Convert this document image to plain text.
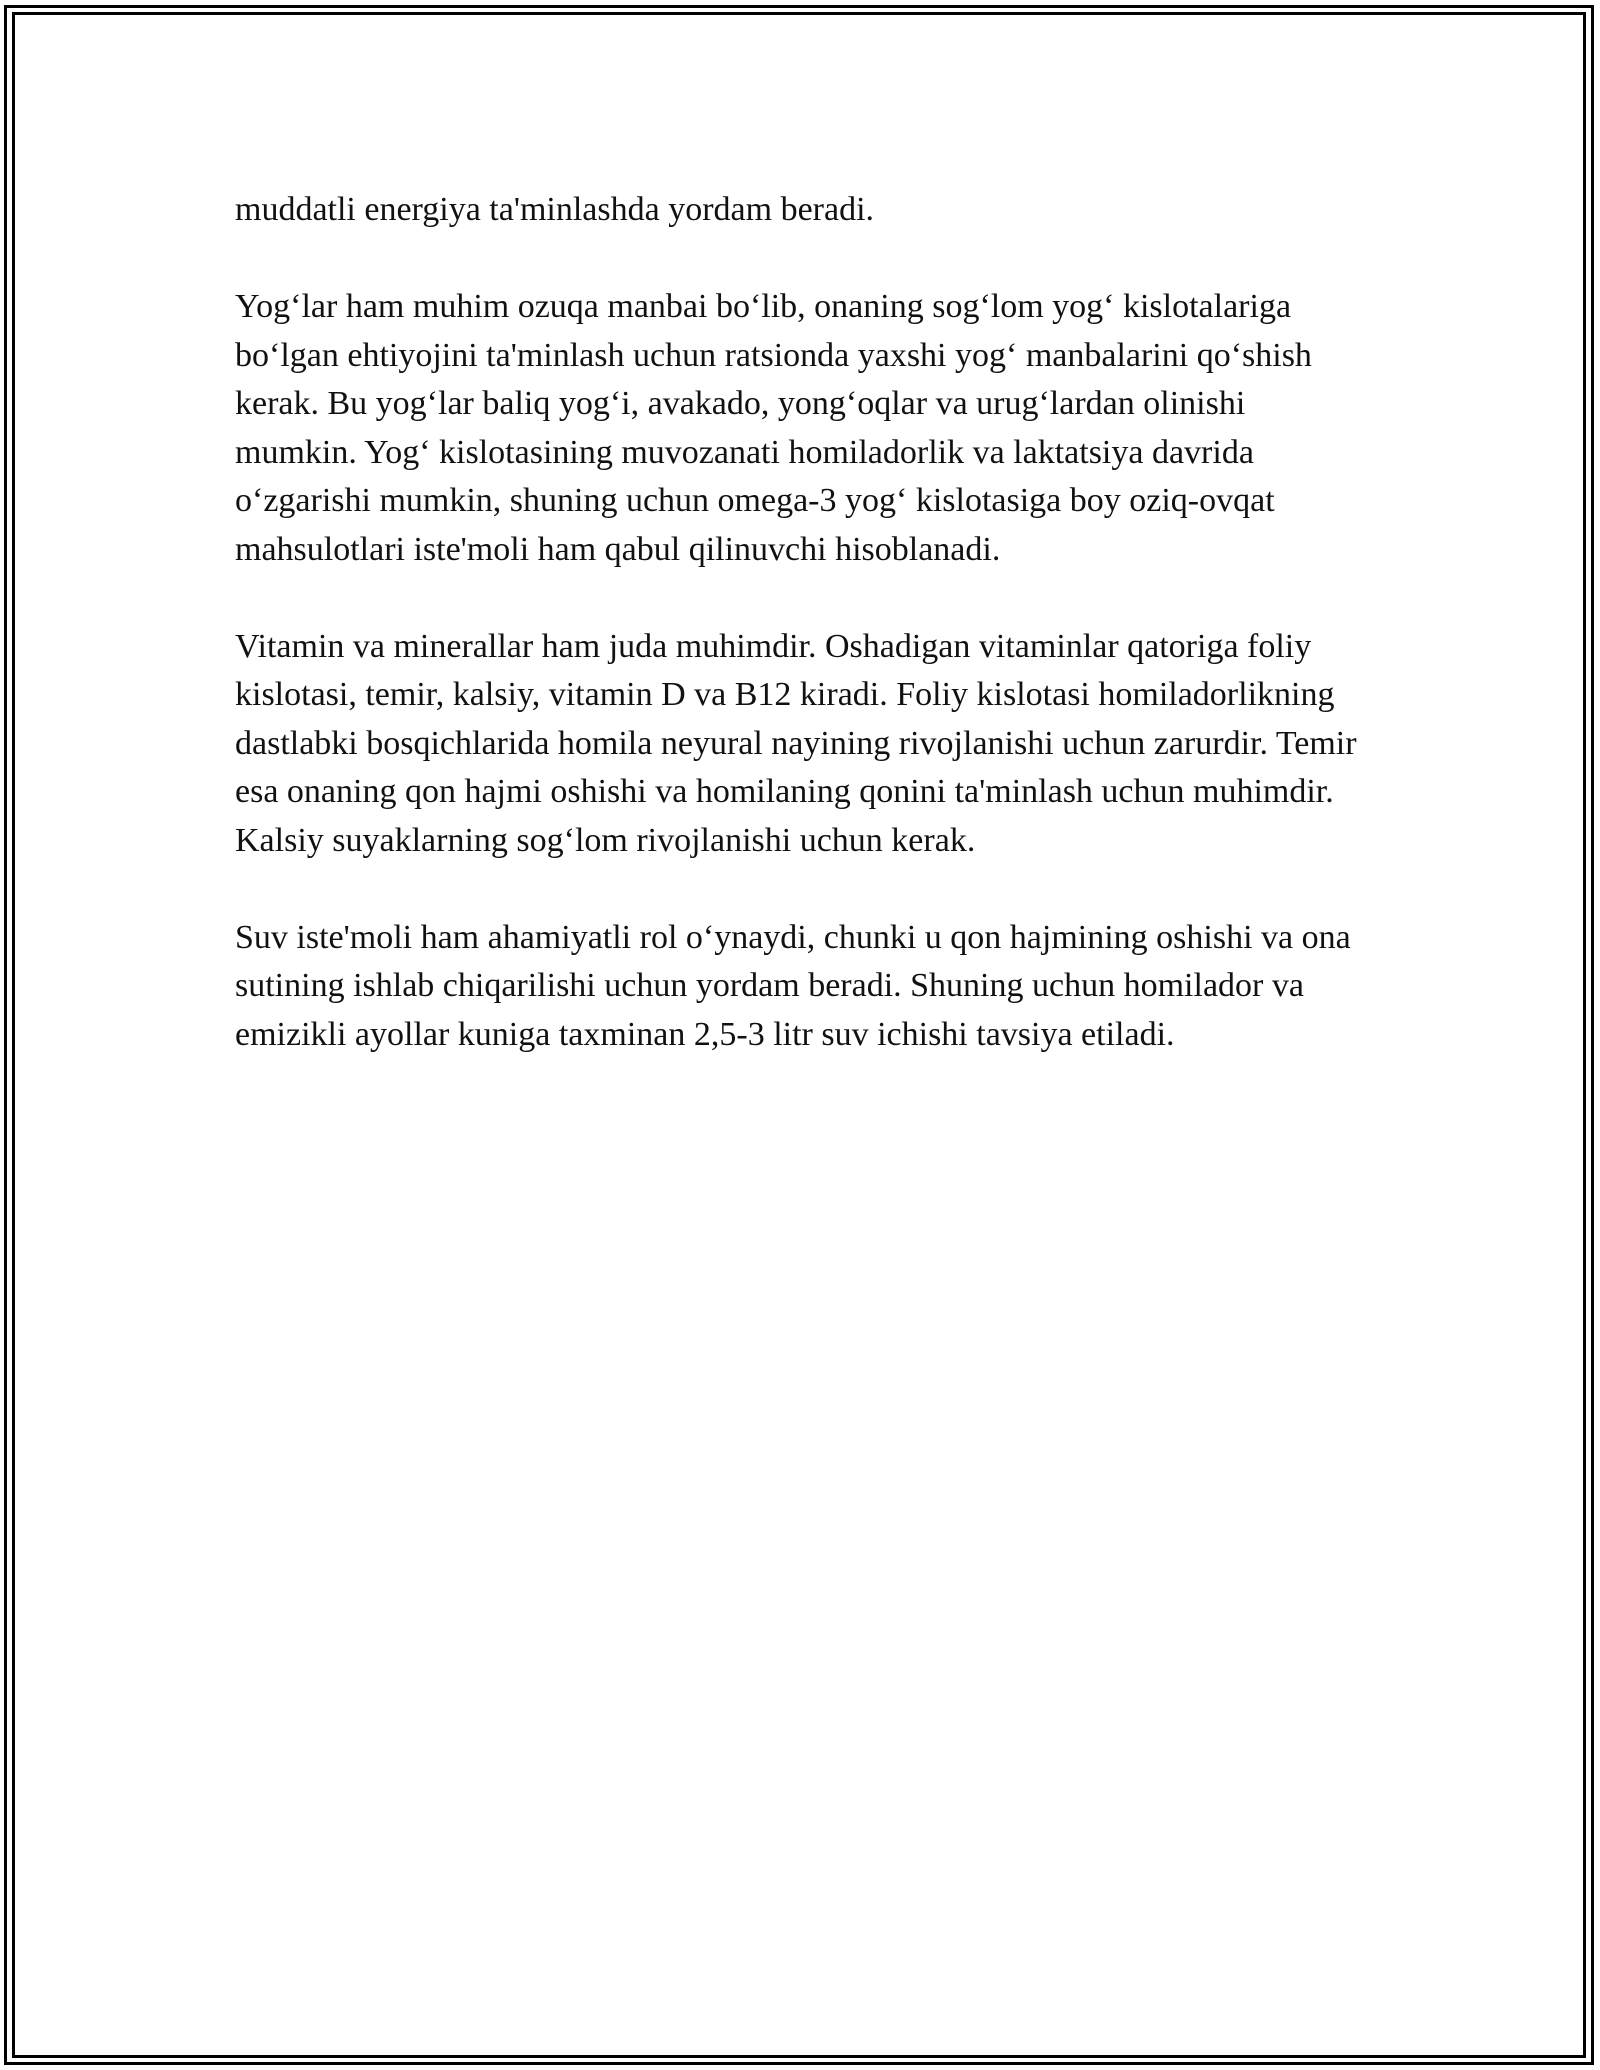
muddatli energiya ta'minlashda yordam beradi.

Yog‘lar ham muhim ozuqa manbai bo‘lib, onaning sog‘lom yog‘ kislotalariga bo‘lgan ehtiyojini ta'minlash uchun ratsionda yaxshi yog‘ manbalarini qo‘shish kerak. Bu yog‘lar baliq yog‘i, avakado, yong‘oqlar va urug‘lardan olinishi mumkin. Yog‘ kislotasining muvozanati homiladorlik va laktatsiya davrida o‘zgarishi mumkin, shuning uchun omega-3 yog‘ kislotasiga boy oziq-ovqat mahsulotlari iste'moli ham qabul qilinuvchi hisoblanadi.

Vitamin va minerallar ham juda muhimdir. Oshadigan vitaminlar qatoriga foliy kislotasi, temir, kalsiy, vitamin D va B12 kiradi. Foliy kislotasi homiladorlikning dastlabki bosqichlarida homila neyural nayining rivojlanishi uchun zarurdir. Temir esa onaning qon hajmi oshishi va homilaning qonini ta'minlash uchun muhimdir. Kalsiy suyaklarning sog‘lom rivojlanishi uchun kerak.

Suv iste'moli ham ahamiyatli rol o‘ynaydi, chunki u qon hajmining oshishi va ona sutining ishlab chiqarilishi uchun yordam beradi. Shuning uchun homilador va emizikli ayollar kuniga taxminan 2,5-3 litr suv ichishi tavsiya etiladi.
